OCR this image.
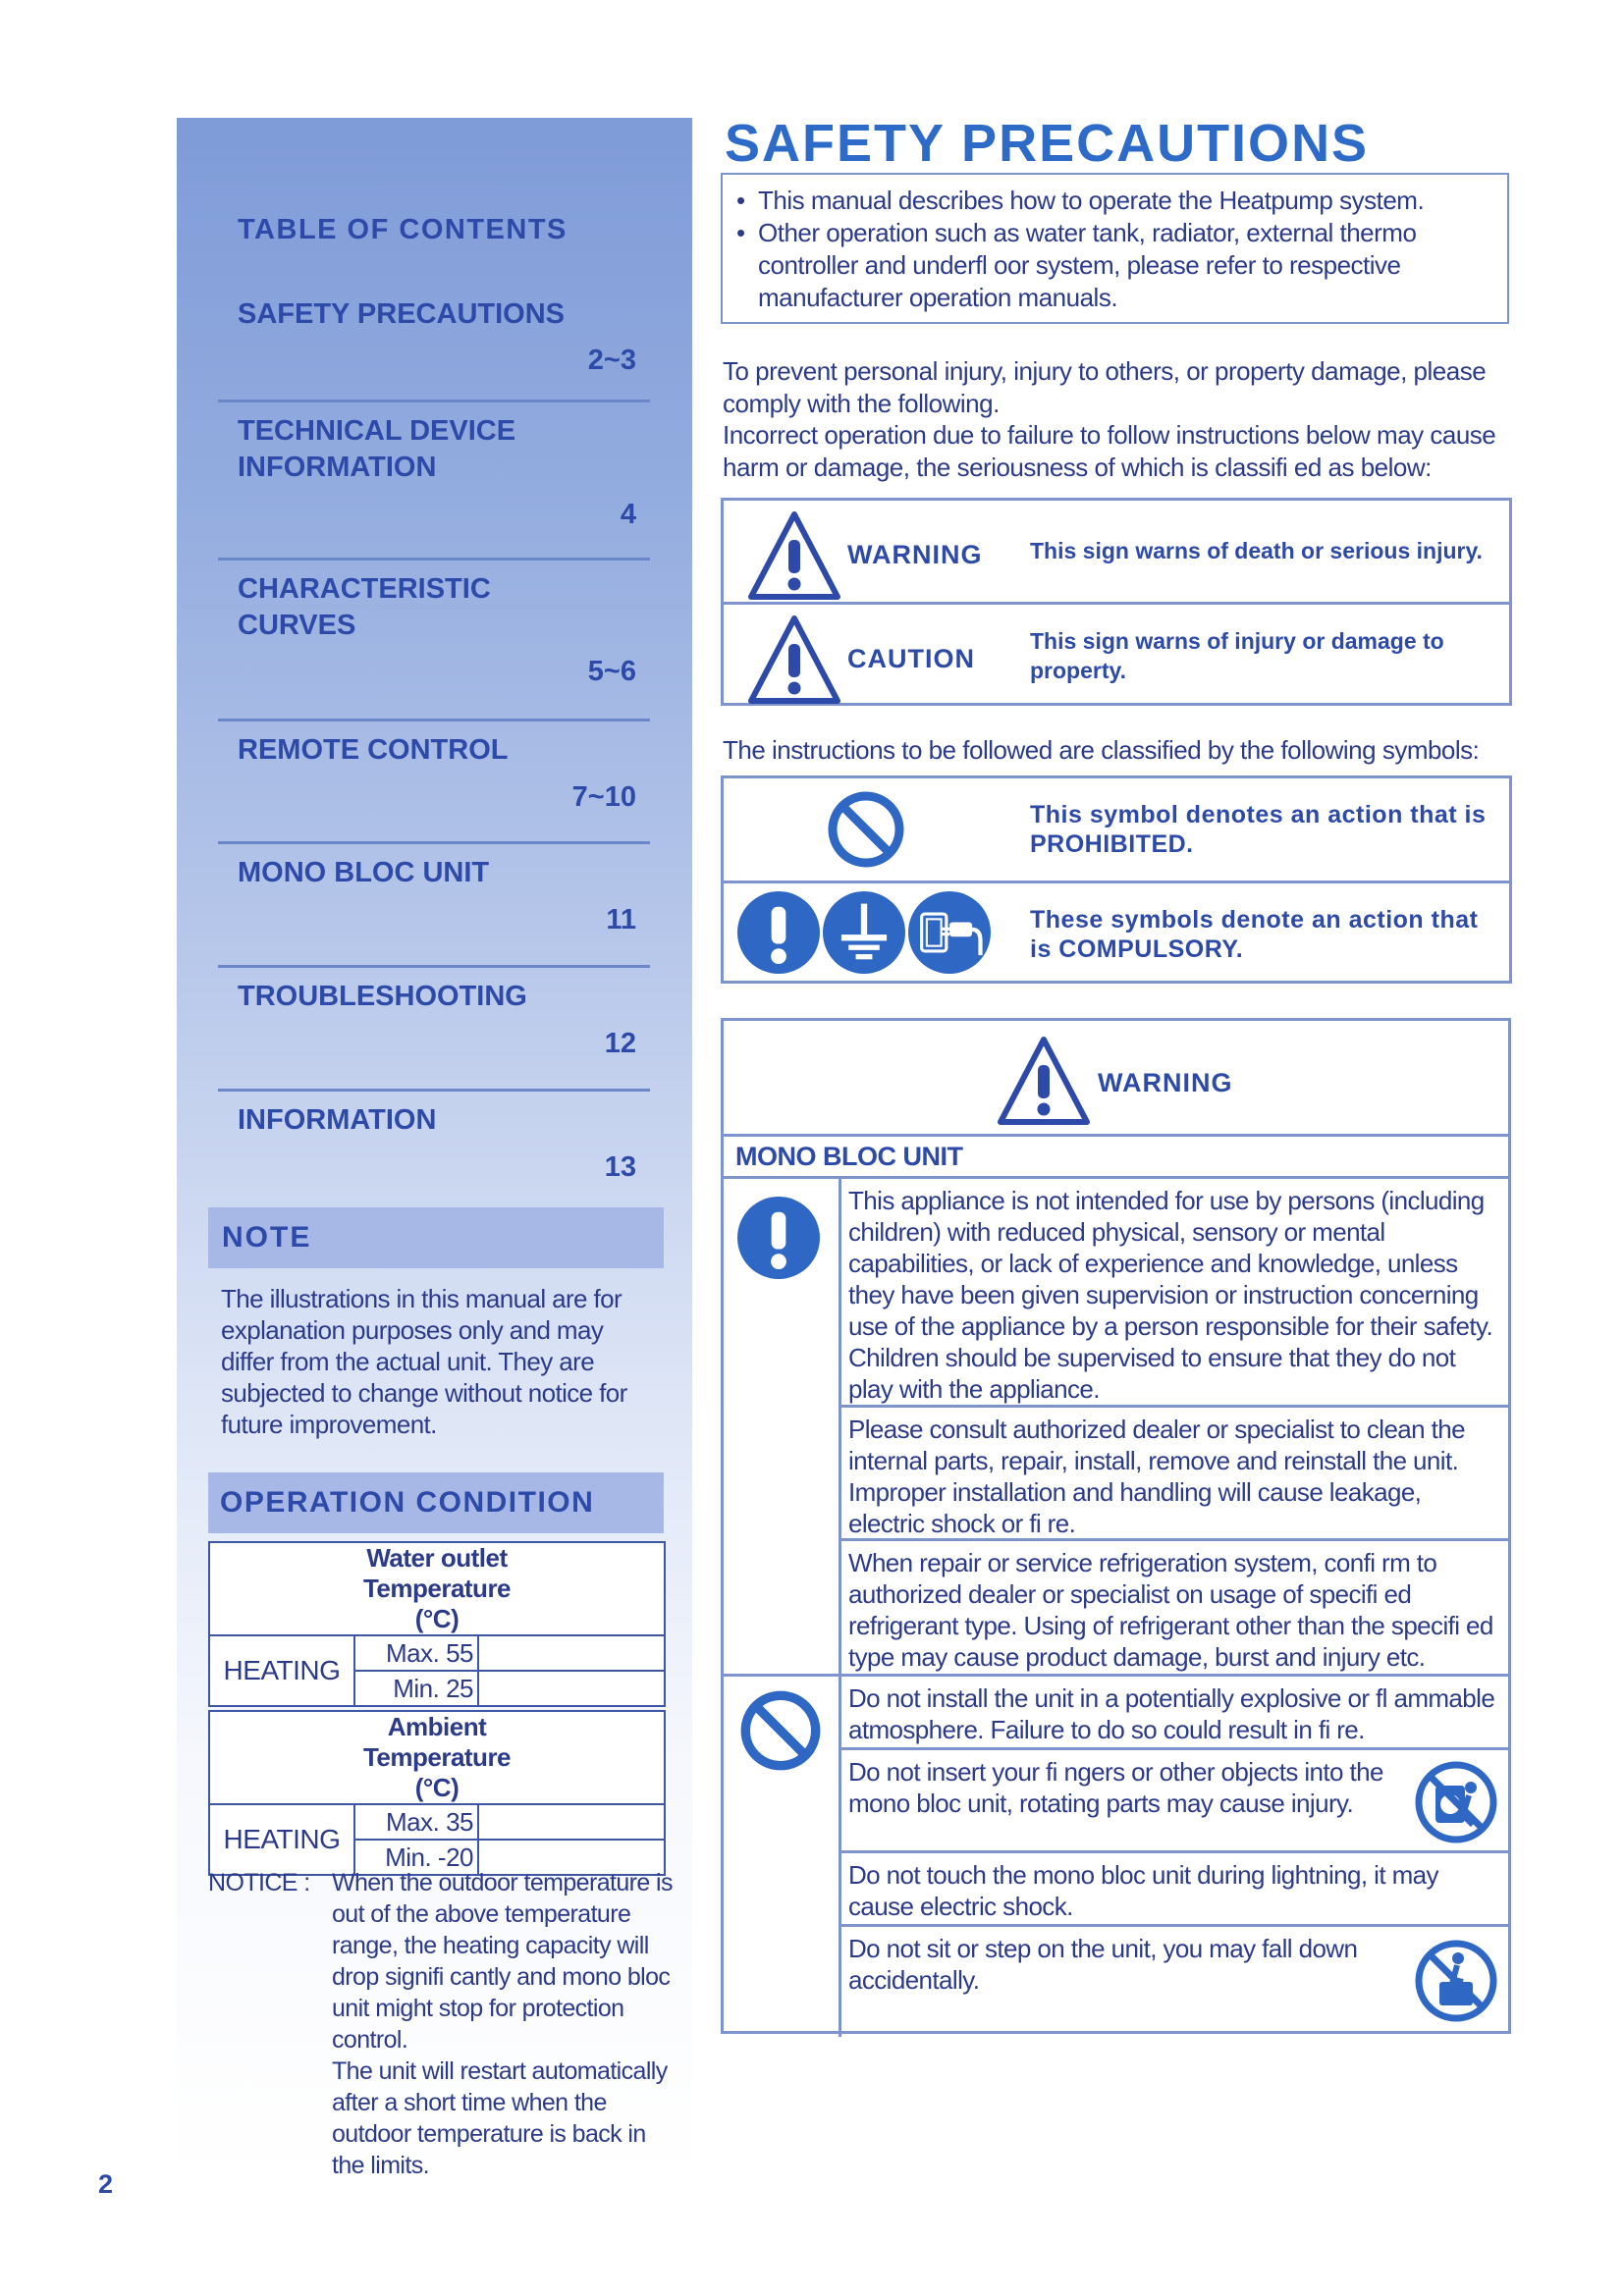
TABLE OF CONTENTS
SAFETY PRECAUTIONS
2~3
TECHNICAL DEVICE INFORMATION
4
CHARACTERISTIC CURVES
5~6
REMOTE CONTROL
7~10
MONO BLOC UNIT
11
TROUBLESHOOTING
12
INFORMATION
13
NOTE
The illustrations in this manual are for explanation purposes only and may differ from the actual unit. They are subjected to change without notice for future improvement.
OPERATION CONDITION
Water outlet Temperature (°C)		

HEATING	Max. 55	
	Min. 25	
Ambient Temperature (°C)		

HEATING	Max. 35	
	Min. -20	
NOTICE : When the outdoor temperature is out of the above temperature range, the heating capacity will drop signifi cantly and mono bloc unit might stop for protection control.
The unit will restart automatically after a short time when the outdoor temperature is back in the limits.
2
SAFETY PRECAUTIONS
• This manual describes how to operate the Heatpump system.
• Other operation such as water tank, radiator, external thermo controller and underfl oor system, please refer to respective manufacturer operation manuals.
To prevent personal injury, injury to others, or property damage, please comply with the following.
Incorrect operation due to failure to follow instructions below may cause harm or damage, the seriousness of which is classifi ed as below:
WARNING This sign warns of death or serious injury.
CAUTION
This sign warns of injury or damage to property.
The instructions to be followed are classified by the following symbols:
This symbol denotes an action that is PROHIBITED.
These symbols denote an action that is COMPULSORY.
WARNING
MONO BLOC UNIT
This appliance is not intended for use by persons (including children) with reduced physical, sensory or mental capabilities, or lack of experience and knowledge, unless they have been given supervision or instruction concerning use of the appliance by a person responsible for their safety. Children should be supervised to ensure that they do not play with the appliance.
Please consult authorized dealer or specialist to clean the internal parts, repair, install, remove and reinstall the unit. Improper installation and handling will cause leakage, electric shock or fi re.
When repair or service refrigeration system, confi rm to authorized dealer or specialist on usage of specifi ed refrigerant type. Using of refrigerant other than the specifi ed type may cause product damage, burst and injury etc.
Do not install the unit in a potentially explosive or fl ammable atmosphere. Failure to do so could result in fi re.
Do not insert your fi ngers or other objects into the mono bloc unit, rotating parts may cause injury.
Do not touch the mono bloc unit during lightning, it may cause electric shock.
Do not sit or step on the unit, you may fall down accidentally.
